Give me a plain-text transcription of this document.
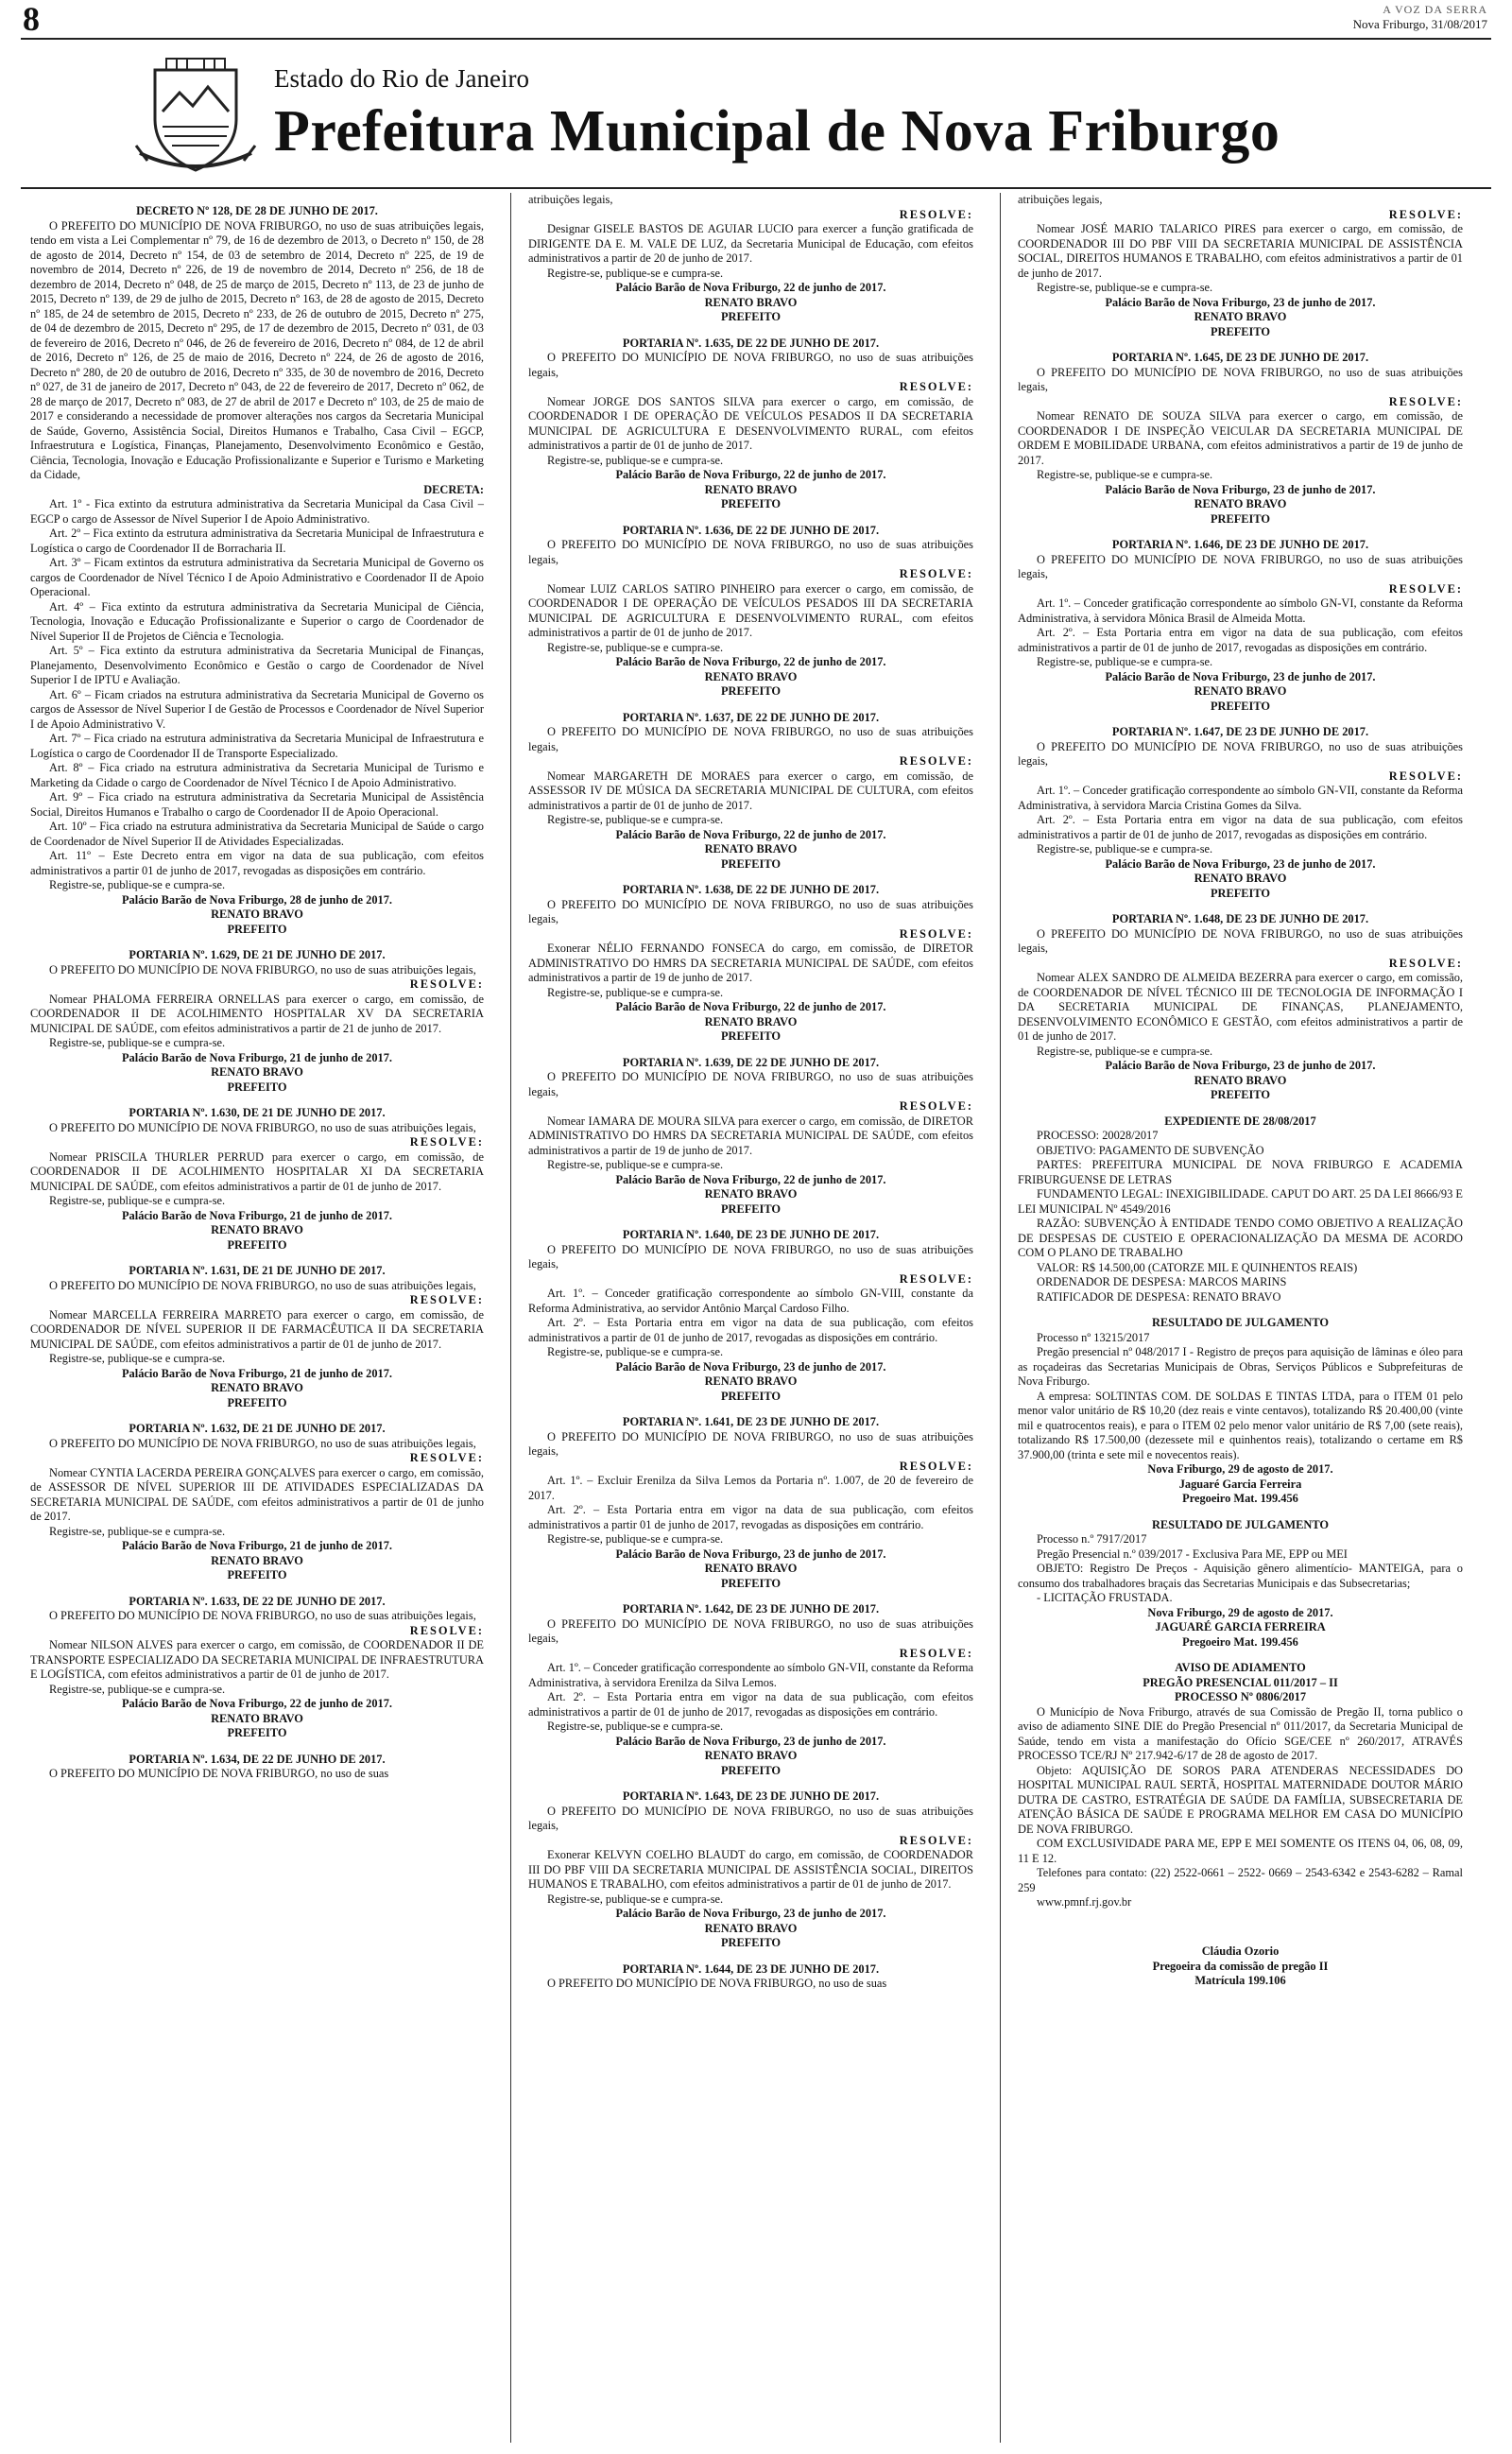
8	A VOZ DA SERRA
Nova Friburgo, 31/08/2017
Estado do Rio de Janeiro
Prefeitura Municipal de Nova Friburgo

DECRETO Nº 128, DE 28 DE JUNHO DE 2017.

O PREFEITO DO MUNICÍPIO DE NOVA FRIBURGO, no uso de suas atribuições legais, tendo em vista a Lei Complementar nº 79, de 16 de dezembro de 2013, o Decreto nº 150, de 28 de agosto de 2014, Decreto nº 154, de 03 de setembro de 2014, Decreto nº 225, de 19 de novembro de 2014, Decreto nº 226, de 19 de novembro de 2014, Decreto nº 256, de 18 de dezembro de 2014, Decreto nº 048, de 25 de março de 2015, Decreto nº 113, de 23 de junho de 2015, Decreto nº 139, de 29 de julho de 2015, Decreto nº 163, de 28 de agosto de 2015, Decreto nº 185, de 24 de setembro de 2015, Decreto nº 233, de 26 de outubro de 2015, Decreto nº 275, de 04 de dezembro de 2015, Decreto nº 295, de 17 de dezembro de 2015, Decreto nº 031, de 03 de fevereiro de 2016, Decreto nº 046, de 26 de fevereiro de 2016, Decreto nº 084, de 12 de abril de 2016, Decreto nº 126, de 25 de maio de 2016, Decreto nº 224, de 26 de agosto de 2016, Decreto nº 280, de 20 de outubro de 2016, Decreto nº 335, de 30 de novembro de 2016, Decreto nº 027, de 31 de janeiro de 2017, Decreto nº 043, de 22 de fevereiro de 2017, Decreto nº 062, de 28 de março de 2017, Decreto nº 083, de 27 de abril de 2017 e Decreto nº 103, de 25 de maio de 2017 e considerando a necessidade de promover alterações nos cargos da Secretaria Municipal de Saúde, Governo, Assistência Social, Direitos Humanos e Trabalho, Casa Civil – EGCP, Infraestrutura e Logística, Finanças, Planejamento, Desenvolvimento Econômico e Gestão, Ciência, Tecnologia, Inovação e Educação Profissionalizante e Superior e Turismo e Marketing da Cidade,

DECRETA:

Art. 1º - Fica extinto da estrutura administrativa da Secretaria Municipal da Casa Civil – EGCP o cargo de Assessor de Nível Superior I de Apoio Administrativo.

Art. 2º – Fica extinto da estrutura administrativa da Secretaria Municipal de Infraestrutura e Logística o cargo de Coordenador II de Borracharia II.

Art. 3º – Ficam extintos da estrutura administrativa da Secretaria Municipal de Governo os cargos de Coordenador de Nível Técnico I de Apoio Administrativo e Coordenador II de Apoio Operacional.

Art. 4º – Fica extinto da estrutura administrativa da Secretaria Municipal de Ciência, Tecnologia, Inovação e Educação Profissionalizante e Superior o cargo de Coordenador de Nível Superior II de Projetos de Ciência e Tecnologia.

Art. 5º – Fica extinto da estrutura administrativa da Secretaria Municipal de Finanças, Planejamento, Desenvolvimento Econômico e Gestão o cargo de Coordenador de Nível Superior I de IPTU e Avaliação.

Art. 6º – Ficam criados na estrutura administrativa da Secretaria Municipal de Governo os cargos de Assessor de Nível Superior I de Gestão de Processos e Coordenador de Nível Superior I de Apoio Administrativo V.

Art. 7º – Fica criado na estrutura administrativa da Secretaria Municipal de Infraestrutura e Logística o cargo de Coordenador II de Transporte Especializado.

Art. 8º – Fica criado na estrutura administrativa da Secretaria Municipal de Turismo e Marketing da Cidade o cargo de Coordenador de Nível Técnico I de Apoio Administrativo.

Art. 9º – Fica criado na estrutura administrativa da Secretaria Municipal de Assistência Social, Direitos Humanos e Trabalho o cargo de Coordenador II de Apoio Operacional.

Art. 10º – Fica criado na estrutura administrativa da Secretaria Municipal de Saúde o cargo de Coordenador de Nível Superior II de Atividades Especializadas.

Art. 11º – Este Decreto entra em vigor na data de sua publicação, com efeitos administrativos a partir 01 de junho de 2017, revogadas as disposições em contrário.

Registre-se, publique-se e cumpra-se.

Palácio Barão de Nova Friburgo, 28 de junho de 2017.

RENATO BRAVO

PREFEITO

PORTARIA Nº. 1.629, DE 21 DE JUNHO DE 2017.

O PREFEITO DO MUNICÍPIO DE NOVA FRIBURGO, no uso de suas atribuições legais,

RESOLVE:

Nomear PHALOMA FERREIRA ORNELLAS para exercer o cargo, em comissão, de COORDENADOR II DE ACOLHIMENTO HOSPITALAR XV DA SECRETARIA MUNICIPAL DE SAÚDE, com efeitos administrativos a partir de 21 de junho de 2017.

Registre-se, publique-se e cumpra-se.

Palácio Barão de Nova Friburgo, 21 de junho de 2017.

RENATO BRAVO

PREFEITO

PORTARIA Nº. 1.630, DE 21 DE JUNHO DE 2017.

O PREFEITO DO MUNICÍPIO DE NOVA FRIBURGO, no uso de suas atribuições legais,

RESOLVE:

Nomear PRISCILA THURLER PERRUD para exercer o cargo, em comissão, de COORDENADOR II DE ACOLHIMENTO HOSPITALAR XI DA SECRETARIA MUNICIPAL DE SAÚDE, com efeitos administrativos a partir de 01 de junho de 2017.

Registre-se, publique-se e cumpra-se.

Palácio Barão de Nova Friburgo, 21 de junho de 2017.

RENATO BRAVO

PREFEITO

PORTARIA Nº. 1.631, DE 21 DE JUNHO DE 2017.

O PREFEITO DO MUNICÍPIO DE NOVA FRIBURGO, no uso de suas atribuições legais,

RESOLVE:

Nomear MARCELLA FERREIRA MARRETO para exercer o cargo, em comissão, de COORDENADOR DE NÍVEL SUPERIOR II DE FARMACÊUTICA II DA SECRETARIA MUNICIPAL DE SAÚDE, com efeitos administrativos a partir de 01 de junho de 2017.

Registre-se, publique-se e cumpra-se.

Palácio Barão de Nova Friburgo, 21 de junho de 2017.

RENATO BRAVO

PREFEITO

PORTARIA Nº. 1.632, DE 21 DE JUNHO DE 2017.

O PREFEITO DO MUNICÍPIO DE NOVA FRIBURGO, no uso de suas atribuições legais,

RESOLVE:

Nomear CYNTIA LACERDA PEREIRA GONÇALVES para exercer o cargo, em comissão, de ASSESSOR DE NÍVEL SUPERIOR III DE ATIVIDADES ESPECIALIZADAS DA SECRETARIA MUNICIPAL DE SAÚDE, com efeitos administrativos a partir de 01 de junho de 2017.

Registre-se, publique-se e cumpra-se.

Palácio Barão de Nova Friburgo, 21 de junho de 2017.

RENATO BRAVO

PREFEITO

PORTARIA Nº. 1.633, DE 22 DE JUNHO DE 2017.

O PREFEITO DO MUNICÍPIO DE NOVA FRIBURGO, no uso de suas atribuições legais,

RESOLVE:

Nomear NILSON ALVES para exercer o cargo, em comissão, de COORDENADOR II DE TRANSPORTE ESPECIALIZADO DA SECRETARIA MUNICIPAL DE INFRAESTRUTURA E LOGÍSTICA, com efeitos administrativos a partir de 01 de junho de 2017.

Registre-se, publique-se e cumpra-se.

Palácio Barão de Nova Friburgo, 22 de junho de 2017.

RENATO BRAVO

PREFEITO

PORTARIA Nº. 1.634, DE 22 DE JUNHO DE 2017.

O PREFEITO DO MUNICÍPIO DE NOVA FRIBURGO, no uso de suas

atribuições legais,

RESOLVE:

Designar GISELE BASTOS DE AGUIAR LUCIO para exercer a função gratificada de DIRIGENTE DA E. M. VALE DE LUZ, da Secretaria Municipal de Educação, com efeitos administrativos a partir de 20 de junho de 2017.

Registre-se, publique-se e cumpra-se.

Palácio Barão de Nova Friburgo, 22 de junho de 2017.

RENATO BRAVO

PREFEITO

PORTARIA Nº. 1.635, DE 22 DE JUNHO DE 2017.

O PREFEITO DO MUNICÍPIO DE NOVA FRIBURGO, no uso de suas atribuições legais,

RESOLVE:

Nomear JORGE DOS SANTOS SILVA para exercer o cargo, em comissão, de COORDENADOR I DE OPERAÇÃO DE VEÍCULOS PESADOS II DA SECRETARIA MUNICIPAL DE AGRICULTURA E DESENVOLVIMENTO RURAL, com efeitos administrativos a partir de 01 de junho de 2017.

Registre-se, publique-se e cumpra-se.

Palácio Barão de Nova Friburgo, 22 de junho de 2017.

RENATO BRAVO

PREFEITO

PORTARIA Nº. 1.636, DE 22 DE JUNHO DE 2017.

O PREFEITO DO MUNICÍPIO DE NOVA FRIBURGO, no uso de suas atribuições legais,

RESOLVE:

Nomear LUIZ CARLOS SATIRO PINHEIRO para exercer o cargo, em comissão, de COORDENADOR I DE OPERAÇÃO DE VEÍCULOS PESADOS III DA SECRETARIA MUNICIPAL DE AGRICULTURA E DESENVOLVIMENTO RURAL, com efeitos administrativos a partir de 01 de junho de 2017.

Registre-se, publique-se e cumpra-se.

Palácio Barão de Nova Friburgo, 22 de junho de 2017.

RENATO BRAVO

PREFEITO

PORTARIA Nº. 1.637, DE 22 DE JUNHO DE 2017.

O PREFEITO DO MUNICÍPIO DE NOVA FRIBURGO, no uso de suas atribuições legais,

RESOLVE:

Nomear MARGARETH DE MORAES para exercer o cargo, em comissão, de ASSESSOR IV DE MÚSICA DA SECRETARIA MUNICIPAL DE CULTURA, com efeitos administrativos a partir de 01 de junho de 2017.

Registre-se, publique-se e cumpra-se.

Palácio Barão de Nova Friburgo, 22 de junho de 2017.

RENATO BRAVO

PREFEITO

PORTARIA Nº. 1.638, DE 22 DE JUNHO DE 2017.

O PREFEITO DO MUNICÍPIO DE NOVA FRIBURGO, no uso de suas atribuições legais,

RESOLVE:

Exonerar NÉLIO FERNANDO FONSECA do cargo, em comissão, de DIRETOR ADMINISTRATIVO DO HMRS DA SECRETARIA MUNICIPAL DE SAÚDE, com efeitos administrativos a partir de 19 de junho de 2017.

Registre-se, publique-se e cumpra-se.

Palácio Barão de Nova Friburgo, 22 de junho de 2017.

RENATO BRAVO

PREFEITO

PORTARIA Nº. 1.639, DE 22 DE JUNHO DE 2017.

O PREFEITO DO MUNICÍPIO DE NOVA FRIBURGO, no uso de suas atribuições legais,

RESOLVE:

Nomear IAMARA DE MOURA SILVA para exercer o cargo, em comissão, de DIRETOR ADMINISTRATIVO DO HMRS DA SECRETARIA MUNICIPAL DE SAÚDE, com efeitos administrativos a partir de 19 de junho de 2017.

Registre-se, publique-se e cumpra-se.

Palácio Barão de Nova Friburgo, 22 de junho de 2017.

RENATO BRAVO

PREFEITO

PORTARIA Nº. 1.640, DE 23 DE JUNHO DE 2017.

O PREFEITO DO MUNICÍPIO DE NOVA FRIBURGO, no uso de suas atribuições legais,

RESOLVE:

Art. 1º. – Conceder gratificação correspondente ao símbolo GN-VIII, constante da Reforma Administrativa, ao servidor Antônio Marçal Cardoso Filho.

Art. 2º. – Esta Portaria entra em vigor na data de sua publicação, com efeitos administrativos a partir de 01 de junho de 2017, revogadas as disposições em contrário.

Registre-se, publique-se e cumpra-se.

Palácio Barão de Nova Friburgo, 23 de junho de 2017.

RENATO BRAVO

PREFEITO

PORTARIA Nº. 1.641, DE 23 DE JUNHO DE 2017.

O PREFEITO DO MUNICÍPIO DE NOVA FRIBURGO, no uso de suas atribuições legais,

RESOLVE:

Art. 1º. – Excluir Erenilza da Silva Lemos da Portaria nº. 1.007, de 20 de fevereiro de 2017.

Art. 2º. – Esta Portaria entra em vigor na data de sua publicação, com efeitos administrativos a partir 01 de junho de 2017, revogadas as disposições em contrário.

Registre-se, publique-se e cumpra-se.

Palácio Barão de Nova Friburgo, 23 de junho de 2017.

RENATO BRAVO

PREFEITO

PORTARIA Nº. 1.642, DE 23 DE JUNHO DE 2017.

O PREFEITO DO MUNICÍPIO DE NOVA FRIBURGO, no uso de suas atribuições legais,

RESOLVE:

Art. 1º. – Conceder gratificação correspondente ao símbolo GN-VII, constante da Reforma Administrativa, à servidora Erenilza da Silva Lemos.

Art. 2º. – Esta Portaria entra em vigor na data de sua publicação, com efeitos administrativos a partir de 01 de junho de 2017, revogadas as disposições em contrário.

Registre-se, publique-se e cumpra-se.

Palácio Barão de Nova Friburgo, 23 de junho de 2017.

RENATO BRAVO

PREFEITO

PORTARIA Nº. 1.643, DE 23 DE JUNHO DE 2017.

O PREFEITO DO MUNICÍPIO DE NOVA FRIBURGO, no uso de suas atribuições legais,

RESOLVE:

Exonerar KELVYN COELHO BLAUDT do cargo, em comissão, de COORDENADOR III DO PBF VIII DA SECRETARIA MUNICIPAL DE ASSISTÊNCIA SOCIAL, DIREITOS HUMANOS E TRABALHO, com efeitos administrativos a partir de 01 de junho de 2017.

Registre-se, publique-se e cumpra-se.

Palácio Barão de Nova Friburgo, 23 de junho de 2017.

RENATO BRAVO

PREFEITO

PORTARIA Nº. 1.644, DE 23 DE JUNHO DE 2017.

O PREFEITO DO MUNICÍPIO DE NOVA FRIBURGO, no uso de suas

atribuições legais,

RESOLVE:

Nomear JOSÉ MARIO TALARICO PIRES para exercer o cargo, em comissão, de COORDENADOR III DO PBF VIII DA SECRETARIA MUNICIPAL DE ASSISTÊNCIA SOCIAL, DIREITOS HUMANOS E TRABALHO, com efeitos administrativos a partir de 01 de junho de 2017.

Registre-se, publique-se e cumpra-se.

Palácio Barão de Nova Friburgo, 23 de junho de 2017.

RENATO BRAVO

PREFEITO

PORTARIA Nº. 1.645, DE 23 DE JUNHO DE 2017.

O PREFEITO DO MUNICÍPIO DE NOVA FRIBURGO, no uso de suas atribuições legais,

RESOLVE:

Nomear RENATO DE SOUZA SILVA para exercer o cargo, em comissão, de COORDENADOR I DE INSPEÇÃO VEICULAR DA SECRETARIA MUNICIPAL DE ORDEM E MOBILIDADE URBANA, com efeitos administrativos a partir de 19 de junho de 2017.

Registre-se, publique-se e cumpra-se.

Palácio Barão de Nova Friburgo, 23 de junho de 2017.

RENATO BRAVO

PREFEITO

PORTARIA Nº. 1.646, DE 23 DE JUNHO DE 2017.

O PREFEITO DO MUNICÍPIO DE NOVA FRIBURGO, no uso de suas atribuições legais,

RESOLVE:

Art. 1º. – Conceder gratificação correspondente ao símbolo GN-VI, constante da Reforma Administrativa, à servidora Mônica Brasil de Almeida Motta.

Art. 2º. – Esta Portaria entra em vigor na data de sua publicação, com efeitos administrativos a partir de 01 de junho de 2017, revogadas as disposições em contrário.

Registre-se, publique-se e cumpra-se.

Palácio Barão de Nova Friburgo, 23 de junho de 2017.

RENATO BRAVO

PREFEITO

PORTARIA Nº. 1.647, DE 23 DE JUNHO DE 2017.

O PREFEITO DO MUNICÍPIO DE NOVA FRIBURGO, no uso de suas atribuições legais,

RESOLVE:

Art. 1º. – Conceder gratificação correspondente ao símbolo GN-VII, constante da Reforma Administrativa, à servidora Marcia Cristina Gomes da Silva.

Art. 2º. – Esta Portaria entra em vigor na data de sua publicação, com efeitos administrativos a partir de 01 de junho de 2017, revogadas as disposições em contrário.

Registre-se, publique-se e cumpra-se.

Palácio Barão de Nova Friburgo, 23 de junho de 2017.

RENATO BRAVO

PREFEITO

PORTARIA Nº. 1.648, DE 23 DE JUNHO DE 2017.

O PREFEITO DO MUNICÍPIO DE NOVA FRIBURGO, no uso de suas atribuições legais,

RESOLVE:

Nomear ALEX SANDRO DE ALMEIDA BEZERRA para exercer o cargo, em comissão, de COORDENADOR DE NÍVEL TÉCNICO III DE TECNOLOGIA DE INFORMAÇÃO I DA SECRETARIA MUNICIPAL DE FINANÇAS, PLANEJAMENTO, DESENVOLVIMENTO ECONÔMICO E GESTÃO, com efeitos administrativos a partir de 01 de junho de 2017.

Registre-se, publique-se e cumpra-se.

Palácio Barão de Nova Friburgo, 23 de junho de 2017.

RENATO BRAVO

PREFEITO

EXPEDIENTE DE 28/08/2017

PROCESSO: 20028/2017

OBJETIVO: PAGAMENTO DE SUBVENÇÃO

PARTES: PREFEITURA MUNICIPAL DE NOVA FRIBURGO E ACADEMIA FRIBURGUENSE DE LETRAS

FUNDAMENTO LEGAL: INEXIGIBILIDADE. CAPUT DO ART. 25 DA LEI 8666/93 E LEI MUNICIPAL Nº 4549/2016

RAZÃO: SUBVENÇÃO À ENTIDADE TENDO COMO OBJETIVO A REALIZAÇÃO DE DESPESAS DE CUSTEIO E OPERACIONALIZAÇÃO DA MESMA DE ACORDO COM O PLANO DE TRABALHO

VALOR: R$ 14.500,00 (CATORZE MIL E QUINHENTOS REAIS)

ORDENADOR DE DESPESA: MARCOS MARINS

RATIFICADOR DE DESPESA: RENATO BRAVO

RESULTADO DE JULGAMENTO

Processo nº 13215/2017

Pregão presencial nº 048/2017 I - Registro de preços para aquisição de lâminas e óleo para as roçadeiras das Secretarias Municipais de Obras, Serviços Públicos e Subprefeituras de Nova Friburgo.

A empresa: SOLTINTAS COM. DE SOLDAS E TINTAS LTDA, para o ITEM 01 pelo menor valor unitário de R$ 10,20 (dez reais e vinte centavos), totalizando R$ 20.400,00 (vinte mil e quatrocentos reais), e para o ITEM 02 pelo menor valor unitário de R$ 7,00 (sete reais), totalizando R$ 17.500,00 (dezessete mil e quinhentos reais), totalizando o certame em R$ 37.900,00 (trinta e sete mil e novecentos reais).

Nova Friburgo, 29 de agosto de 2017.

Jaguaré Garcia Ferreira

Pregoeiro Mat. 199.456

RESULTADO DE JULGAMENTO

Processo n.º 7917/2017

Pregão Presencial n.º 039/2017 - Exclusiva Para ME, EPP ou MEI

OBJETO: Registro De Preços - Aquisição gênero alimentício- MANTEIGA, para o consumo dos trabalhadores braçais das Secretarias Municipais e das Subsecretarias;

- LICITAÇÃO FRUSTADA.

Nova Friburgo, 29 de agosto de 2017.

JAGUARÉ GARCIA FERREIRA

Pregoeiro Mat. 199.456

AVISO DE ADIAMENTO

PREGÃO PRESENCIAL 011/2017 – II

PROCESSO Nº 0806/2017

O Município de Nova Friburgo, através de sua Comissão de Pregão II, torna publico o aviso de adiamento SINE DIE do Pregão Presencial nº 011/2017, da Secretaria Municipal de Saúde, tendo em vista a manifestação do Ofício SGE/CEE nº 260/2017, ATRAVÉS PROCESSO TCE/RJ Nº 217.942-6/17 de 28 de agosto de 2017.

Objeto: AQUISIÇÃO DE SOROS PARA ATENDERAS NECESSIDADES DO HOSPITAL MUNICIPAL RAUL SERTÃ, HOSPITAL MATERNIDADE DOUTOR MÁRIO DUTRA DE CASTRO, ESTRATÉGIA DE SAÚDE DA FAMÍLIA, SUBSECRETARIA DE ATENÇÃO BÁSICA DE SAÚDE E PROGRAMA MELHOR EM CASA DO MUNICÍPIO DE NOVA FRIBURGO.

COM EXCLUSIVIDADE PARA ME, EPP E MEI SOMENTE OS ITENS 04, 06, 08, 09, 11 E 12.

Telefones para contato: (22) 2522-0661 – 2522- 0669 – 2543-6342 e 2543-6282 – Ramal 259

www.pmnf.rj.gov.br

Cláudia Ozorio

Pregoeira da comissão de pregão II

Matrícula 199.106
